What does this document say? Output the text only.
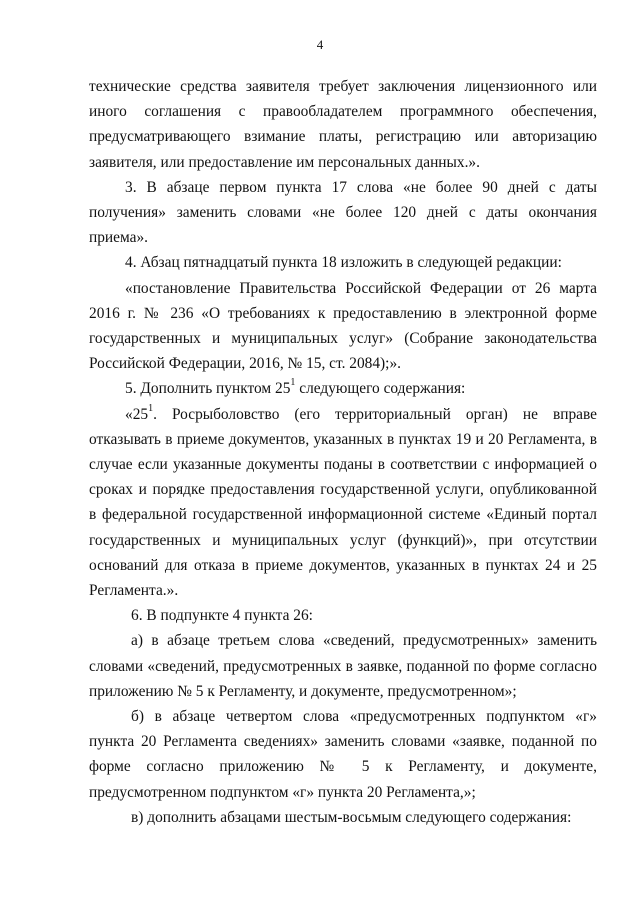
4

технические средства заявителя требует заключения лицензионного или иного соглашения с правообладателем программного обеспечения, предусматривающего взимание платы, регистрацию или авторизацию заявителя, или предоставление им персональных данных.».

3. В абзаце первом пункта 17 слова «не более 90 дней с даты получения» заменить словами «не более 120 дней с даты окончания приема».

4. Абзац пятнадцатый пункта 18 изложить в следующей редакции:

«постановление Правительства Российской Федерации от 26 марта 2016 г. № 236 «О требованиях к предоставлению в электронной форме государственных и муниципальных услуг» (Собрание законодательства Российской Федерации, 2016, № 15, ст. 2084);».

5. Дополнить пунктом $25^1$ следующего содержания:

«$25^1$. Росрыболовство (его территориальный орган) не вправе отказывать в приеме документов, указанных в пунктах 19 и 20 Регламента, в случае если указанные документы поданы в соответствии с информацией о сроках и порядке предоставления государственной услуги, опубликованной в федеральной государственной информационной системе «Единый портал государственных и муниципальных услуг (функций)», при отсутствии оснований для отказа в приеме документов, указанных в пунктах 24 и 25 Регламента.».

6. В подпункте 4 пункта 26:

а) в абзаце третьем слова «сведений, предусмотренных» заменить словами «сведений, предусмотренных в заявке, поданной по форме согласно приложению № 5 к Регламенту, и документе, предусмотренном»;

б) в абзаце четвертом слова «предусмотренных подпунктом «г» пункта 20 Регламента сведениях» заменить словами «заявке, поданной по форме согласно приложению № 5 к Регламенту, и документе, предусмотренном подпунктом «г» пункта 20 Регламента,»;

в) дополнить абзацами шестым-восьмым следующего содержания:
